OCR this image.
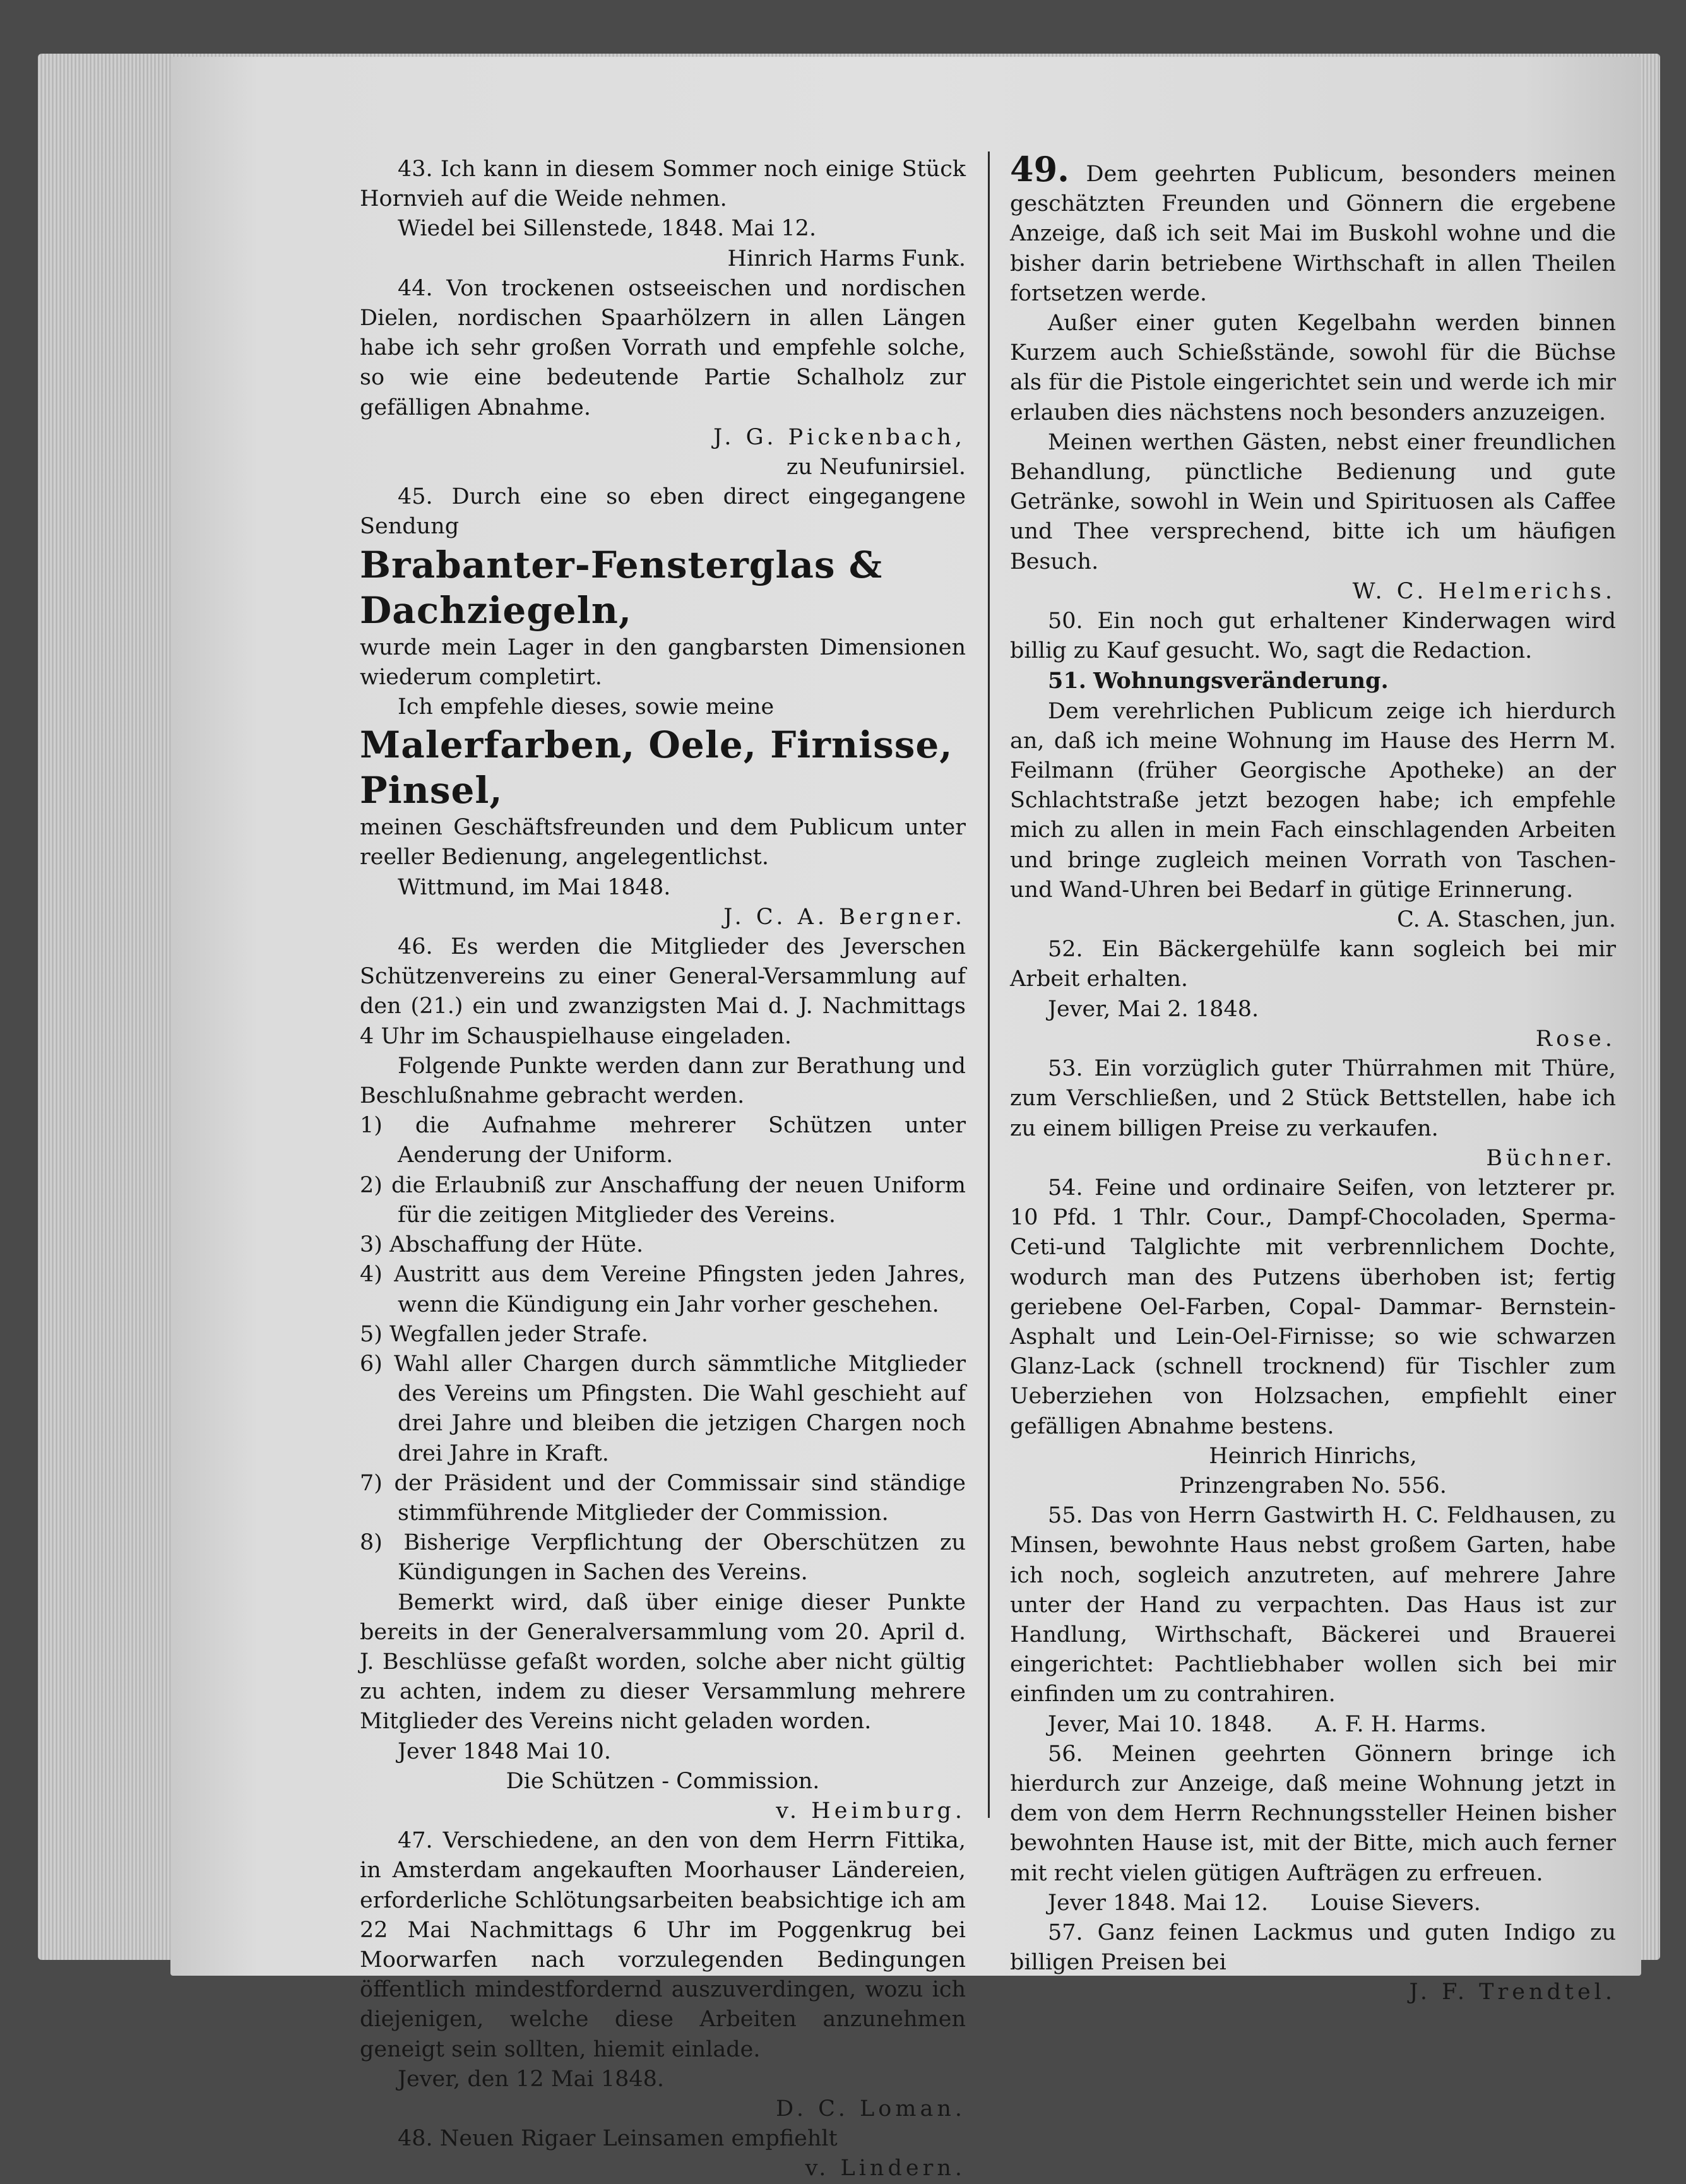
43. Ich kann in diesem Sommer noch einige Stück Hornvieh auf die Weide nehmen.

Wiedel bei Sillenstede, 1848. Mai 12.

Hinrich Harms Funk.

44. Von trockenen ostseeischen und nordischen Dielen, nordischen Spaarhölzern in allen Längen habe ich sehr großen Vorrath und empfehle solche, so wie eine bedeutende Partie Schalholz zur gefälligen Abnahme.

J. G. Pickenbach,

zu Neufunirsiel.

45. Durch eine so eben direct eingegangene Sendung

Brabanter-Fensterglas & Dachziegeln,

wurde mein Lager in den gangbarsten Dimensionen wiederum completirt.

Ich empfehle dieses, sowie meine

Malerfarben, Oele, Firnisse, Pinsel,

meinen Geschäftsfreunden und dem Publicum unter reeller Bedienung, angelegentlichst.

Wittmund, im Mai 1848.

J. C. A. Bergner.

46. Es werden die Mitglieder des Jeverschen Schützenvereins zu einer General-Versammlung auf den (21.) ein und zwanzigsten Mai d. J. Nachmittags 4 Uhr im Schauspielhause eingeladen.

Folgende Punkte werden dann zur Berathung und Beschlußnahme gebracht werden.

1) die Aufnahme mehrerer Schützen unter Aenderung der Uniform.

2) die Erlaubniß zur Anschaffung der neuen Uniform für die zeitigen Mitglieder des Vereins.

3) Abschaffung der Hüte.

4) Austritt aus dem Vereine Pfingsten jeden Jahres, wenn die Kündigung ein Jahr vorher geschehen.

5) Wegfallen jeder Strafe.

6) Wahl aller Chargen durch sämmtliche Mitglieder des Vereins um Pfingsten. Die Wahl geschieht auf drei Jahre und bleiben die jetzigen Chargen noch drei Jahre in Kraft.

7) der Präsident und der Commissair sind ständige stimmführende Mitglieder der Commission.

8) Bisherige Verpflichtung der Oberschützen zu Kündigungen in Sachen des Vereins.

Bemerkt wird, daß über einige dieser Punkte bereits in der Generalversammlung vom 20. April d. J. Beschlüsse gefaßt worden, solche aber nicht gültig zu achten, indem zu dieser Versammlung mehrere Mitglieder des Vereins nicht geladen worden.

Jever 1848 Mai 10.

Die Schützen - Commission.

v. Heimburg.

47. Verschiedene, an den von dem Herrn Fittika, in Amsterdam angekauften Moorhauser Ländereien, erforderliche Schlötungsarbeiten beabsichtige ich am 22 Mai Nachmittags 6 Uhr im Poggenkrug bei Moorwarfen nach vorzulegenden Bedingungen öffentlich mindestfordernd auszuverdingen, wozu ich diejenigen, welche diese Arbeiten anzunehmen geneigt sein sollten, hiemit einlade.

Jever, den 12 Mai 1848.

D. C. Loman.

48. Neuen Rigaer Leinsamen empfiehlt

v. Lindern.

49. Dem geehrten Publicum, besonders meinen geschätzten Freunden und Gönnern die ergebene Anzeige, daß ich seit Mai im Buskohl wohne und die bisher darin betriebene Wirthschaft in allen Theilen fortsetzen werde.

Außer einer guten Kegelbahn werden binnen Kurzem auch Schießstände, sowohl für die Büchse als für die Pistole eingerichtet sein und werde ich mir erlauben dies nächstens noch besonders anzuzeigen.

Meinen werthen Gästen, nebst einer freundlichen Behandlung, pünctliche Bedienung und gute Getränke, sowohl in Wein und Spirituosen als Caffee und Thee versprechend, bitte ich um häufigen Besuch.

W. C. Helmerichs.

50. Ein noch gut erhaltener Kinderwagen wird billig zu Kauf gesucht. Wo, sagt die Redaction.

51. Wohnungsveränderung.

Dem verehrlichen Publicum zeige ich hierdurch an, daß ich meine Wohnung im Hause des Herrn M. Feilmann (früher Georgische Apotheke) an der Schlachtstraße jetzt bezogen habe; ich empfehle mich zu allen in mein Fach einschlagenden Arbeiten und bringe zugleich meinen Vorrath von Taschen- und Wand-Uhren bei Bedarf in gütige Erinnerung.

C. A. Staschen, jun.

52. Ein Bäckergehülfe kann sogleich bei mir Arbeit erhalten.

Jever, Mai 2. 1848.

Rose.

53. Ein vorzüglich guter Thürrahmen mit Thüre, zum Verschließen, und 2 Stück Bettstellen, habe ich zu einem billigen Preise zu verkaufen.

Büchner.

54. Feine und ordinaire Seifen, von letzterer pr. 10 Pfd. 1 Thlr. Cour., Dampf-Chocoladen, Sperma-Ceti-und Talglichte mit verbrennlichem Dochte, wodurch man des Putzens überhoben ist; fertig geriebene Oel-Farben, Copal- Dammar- Bernstein- Asphalt und Lein-Oel-Firnisse; so wie schwarzen Glanz-Lack (schnell trocknend) für Tischler zum Ueberziehen von Holzsachen, empfiehlt einer gefälligen Abnahme bestens.

Heinrich Hinrichs,

Prinzengraben No. 556.

55. Das von Herrn Gastwirth H. C. Feldhausen, zu Minsen, bewohnte Haus nebst großem Garten, habe ich noch, sogleich anzutreten, auf mehrere Jahre unter der Hand zu verpachten. Das Haus ist zur Handlung, Wirthschaft, Bäckerei und Brauerei eingerichtet: Pachtliebhaber wollen sich bei mir einfinden um zu contrahiren.

Jever, Mai 10. 1848. A. F. H. Harms.

56. Meinen geehrten Gönnern bringe ich hierdurch zur Anzeige, daß meine Wohnung jetzt in dem von dem Herrn Rechnungssteller Heinen bisher bewohnten Hause ist, mit der Bitte, mich auch ferner mit recht vielen gütigen Aufträgen zu erfreuen.

Jever 1848. Mai 12. Louise Sievers.

57. Ganz feinen Lackmus und guten Indigo zu billigen Preisen bei

J. F. Trendtel.
